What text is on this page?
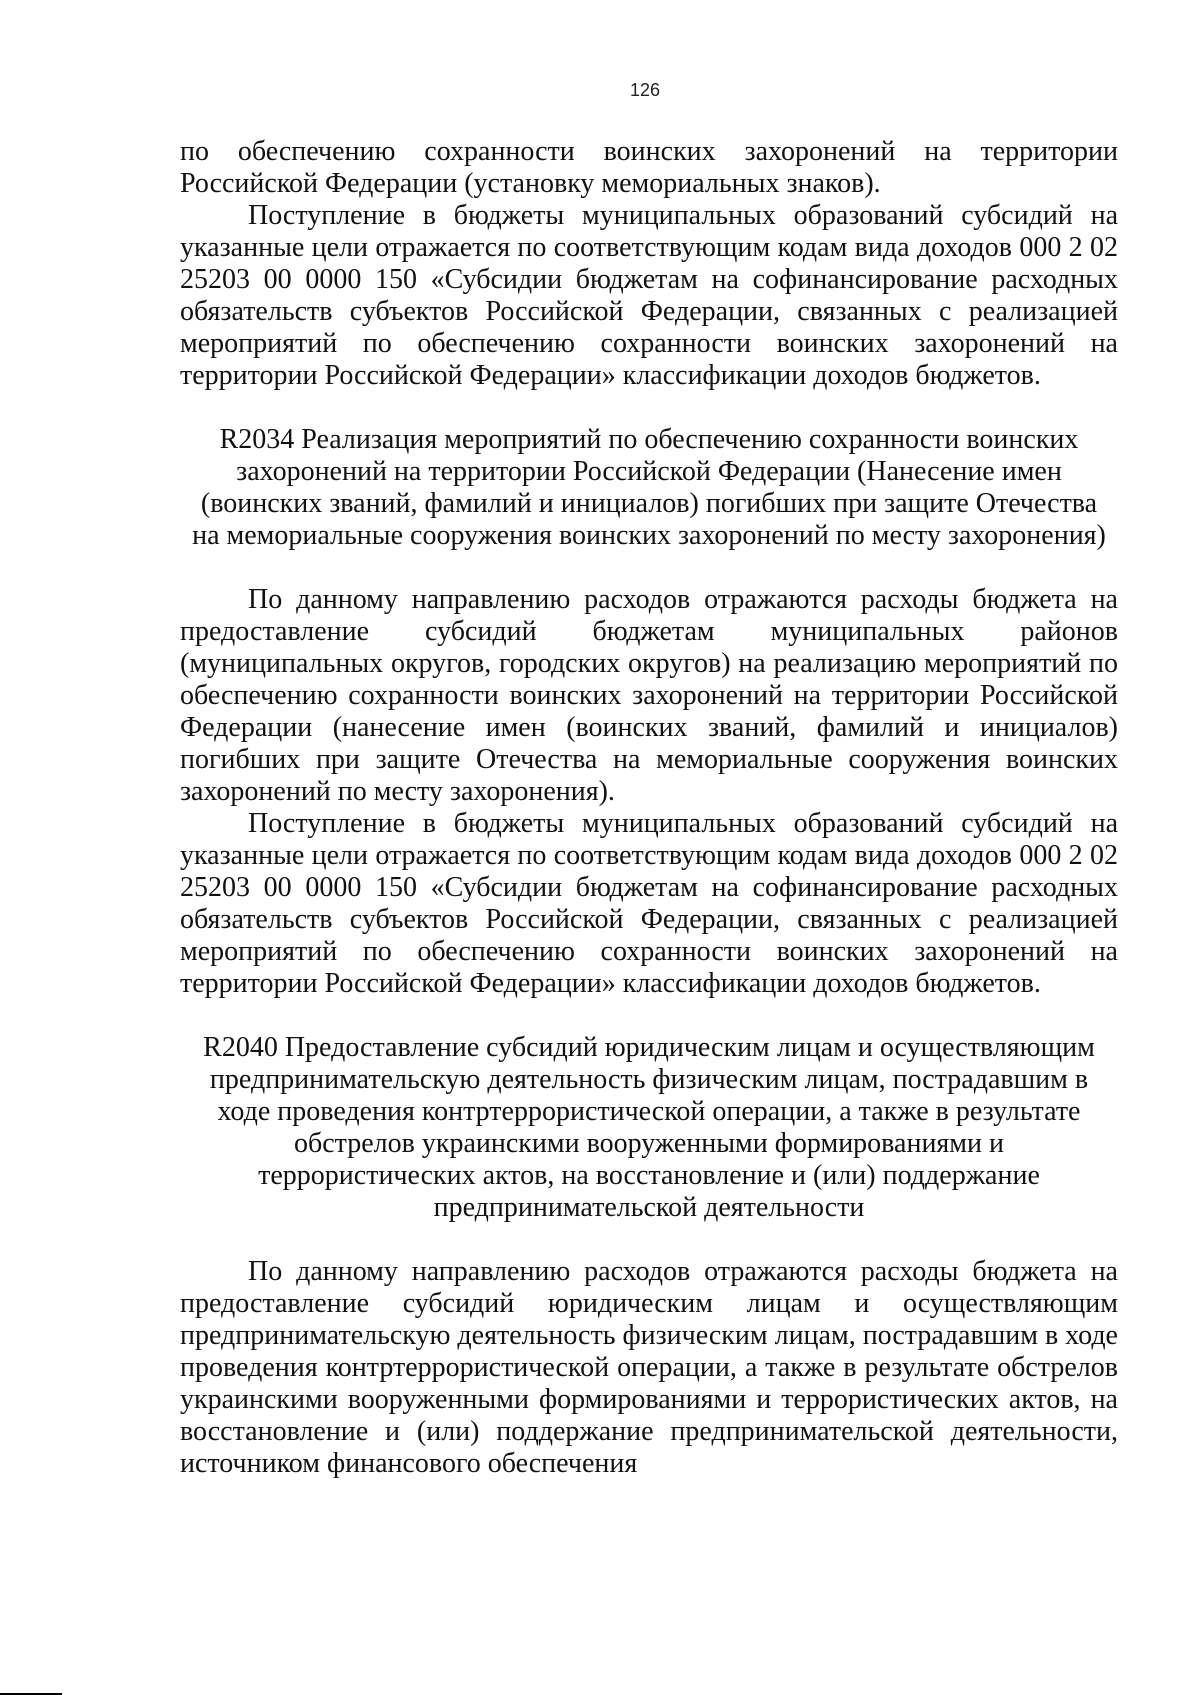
126

по обеспечению сохранности воинских захоронений на территории Российской Федерации (установку мемориальных знаков).

Поступление в бюджеты муниципальных образований субсидий на указанные цели отражается по соответствующим кодам вида доходов 000 2 02 25203 00 0000 150 «Субсидии бюджетам на софинансирование расходных обязательств субъектов Российской Федерации, связанных с реализацией мероприятий по обеспечению сохранности воинских захоронений на территории Российской Федерации» классификации доходов бюджетов.

R2034 Реализация мероприятий по обеспечению сохранности воинских захоронений на территории Российской Федерации (Нанесение имен (воинских званий, фамилий и инициалов) погибших при защите Отечества на мемориальные сооружения воинских захоронений по месту захоронения)

По данному направлению расходов отражаются расходы бюджета на предоставление субсидий бюджетам муниципальных районов (муниципальных округов, городских округов) на реализацию мероприятий по обеспечению сохранности воинских захоронений на территории Российской Федерации (нанесение имен (воинских званий, фамилий и инициалов) погибших при защите Отечества на мемориальные сооружения воинских захоронений по месту захоронения).

Поступление в бюджеты муниципальных образований субсидий на указанные цели отражается по соответствующим кодам вида доходов 000 2 02 25203 00 0000 150 «Субсидии бюджетам на софинансирование расходных обязательств субъектов Российской Федерации, связанных с реализацией мероприятий по обеспечению сохранности воинских захоронений на территории Российской Федерации» классификации доходов бюджетов.

R2040 Предоставление субсидий юридическим лицам и осуществляющим предпринимательскую деятельность физическим лицам, пострадавшим в ходе проведения контртеррористической операции, а также в результате обстрелов украинскими вооруженными формированиями и террористических актов, на восстановление и (или) поддержание предпринимательской деятельности

По данному направлению расходов отражаются расходы бюджета на предоставление субсидий юридическим лицам и осуществляющим предпринимательскую деятельность физическим лицам, пострадавшим в ходе проведения контртеррористической операции, а также в результате обстрелов украинскими вооруженными формированиями и террористических актов, на восстановление и (или) поддержание предпринимательской деятельности, источником финансового обеспечения
